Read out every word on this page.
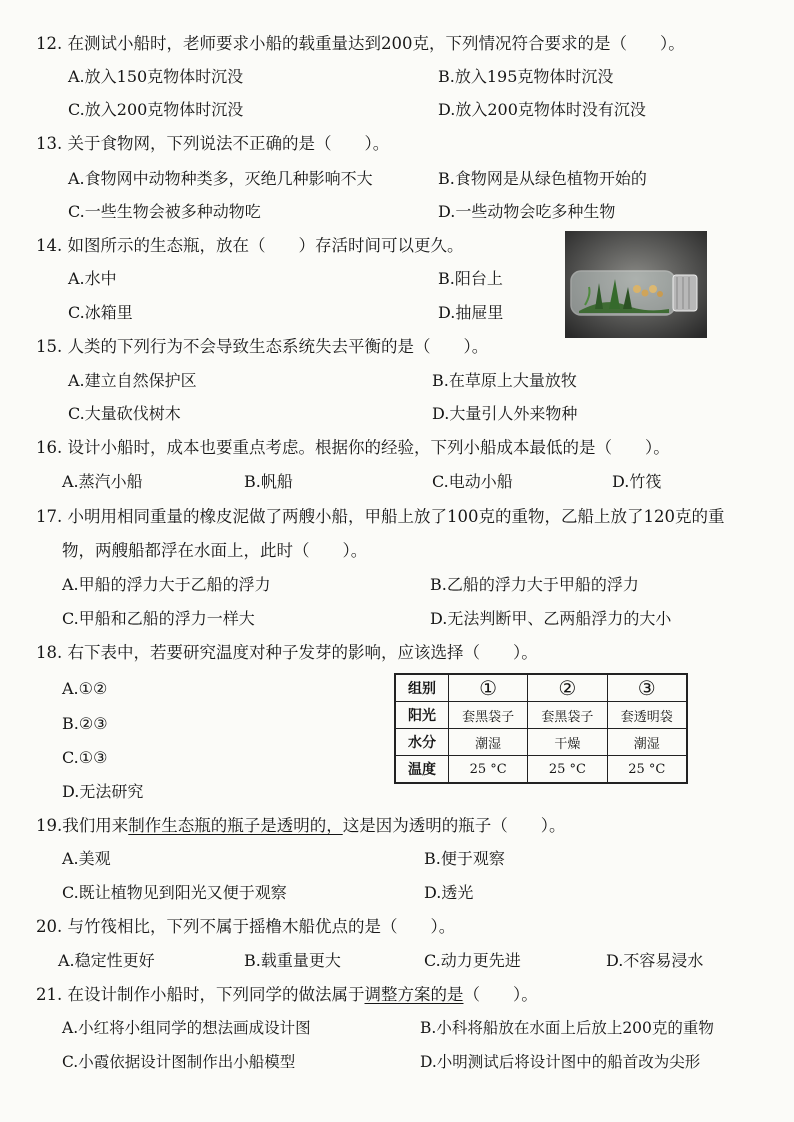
12. 在测试小船时，老师要求小船的载重量达到200克，下列情况符合要求的是（　　）。
A.放入150克物体时沉没	B.放入195克物体时沉没
C.放入200克物体时沉没	D.放入200克物体时没有沉没
13. 关于食物网，下列说法不正确的是（　　）。
A.食物网中动物种类多，灭绝几种影响不大	B.食物网是从绿色植物开始的
C.一些生物会被多种动物吃	D.一些动物会吃多种生物
14. 如图所示的生态瓶，放在（　　）存活时间可以更久。
A.水中	B.阳台上
C.冰箱里	D.抽屉里
15. 人类的下列行为不会导致生态系统失去平衡的是（　　）。
A.建立自然保护区	B.在草原上大量放牧
C.大量砍伐树木	D.大量引人外来物种
16. 设计小船时，成本也要重点考虑。根据你的经验，下列小船成本最低的是（　　）。
A.蒸汽小船	B.帆船	C.电动小船	D.竹筏
17. 小明用相同重量的橡皮泥做了两艘小船，甲船上放了100克的重物，乙船上放了120克的重
物，两艘船都浮在水面上，此时（　　）。
A.甲船的浮力大于乙船的浮力	B.乙船的浮力大于甲船的浮力
C.甲船和乙船的浮力一样大	D.无法判断甲、乙两船浮力的大小
18. 右下表中，若要研究温度对种子发芽的影响，应该选择（　　）。
A.①②
B.②③
C.①③
D.无法研究
组别	①	②	③
阳光	套黑袋子	套黑袋子	套透明袋
水分	潮湿	干燥	潮湿
温度	25 °C	25 °C	25 °C
19.我们用来制作生态瓶的瓶子是透明的，这是因为透明的瓶子（　　）。
A.美观	B.便于观察
C.既让植物见到阳光又便于观察	D.透光
20. 与竹筏相比，下列不属于摇橹木船优点的是（　　）。
A.稳定性更好	B.载重量更大	C.动力更先进	D.不容易浸水
21. 在设计制作小船时，下列同学的做法属于调整方案的是（　　）。
A.小红将小组同学的想法画成设计图	B.小科将船放在水面上后放上200克的重物
C.小霞依据设计图制作出小船模型	D.小明测试后将设计图中的船首改为尖形
